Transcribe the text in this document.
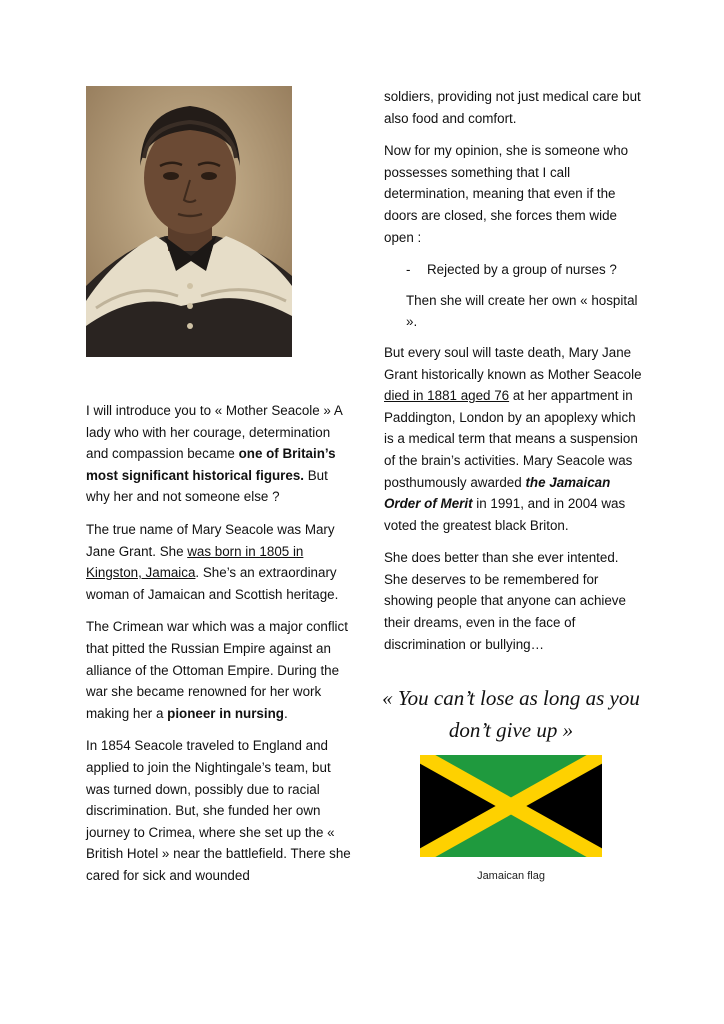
I will introduce you to « Mother Seacole » A lady who with her courage, determination and compassion became one of Britain’s most significant historical figures. But why her and not someone else ?

The true name of Mary Seacole was Mary Jane Grant. She was born in 1805 in Kingston, Jamaica. She’s an extraordinary woman of Jamaican and Scottish heritage.

The Crimean war which was a major conflict that pitted the Russian Empire against an alliance of the Ottoman Empire. During the war she became renowned for her work making her a pioneer in nursing.

In 1854 Seacole traveled to England and applied to join the Nightingale’s team, but was turned down, possibly due to racial discrimination. But, she funded her own journey to Crimea, where she set up the « British Hotel » near the battlefield. There she cared for sick and wounded

soldiers, providing not just medical care but also food and comfort.

Now for my opinion, she is someone who possesses something that I call determination, meaning that even if the doors are closed, she forces them wide open :

- Rejected by a group of nurses ?
Then she will create her own « hospital ».

But every soul will taste death, Mary Jane Grant historically known as Mother Seacole died in 1881 aged 76 at her appartment in Paddington, London by an apoplexy which is a medical term that means a suspension of the brain’s activities. Mary Seacole was posthumously awarded the Jamaican Order of Merit in 1991, and in 2004 was voted the greatest black Briton.

She does better than she ever intented. She deserves to be remembered for showing people that anyone can achieve their dreams, even in the face of discrimination or bullying…

« You can’t lose as long as you don’t give up »
Jamaican flag
